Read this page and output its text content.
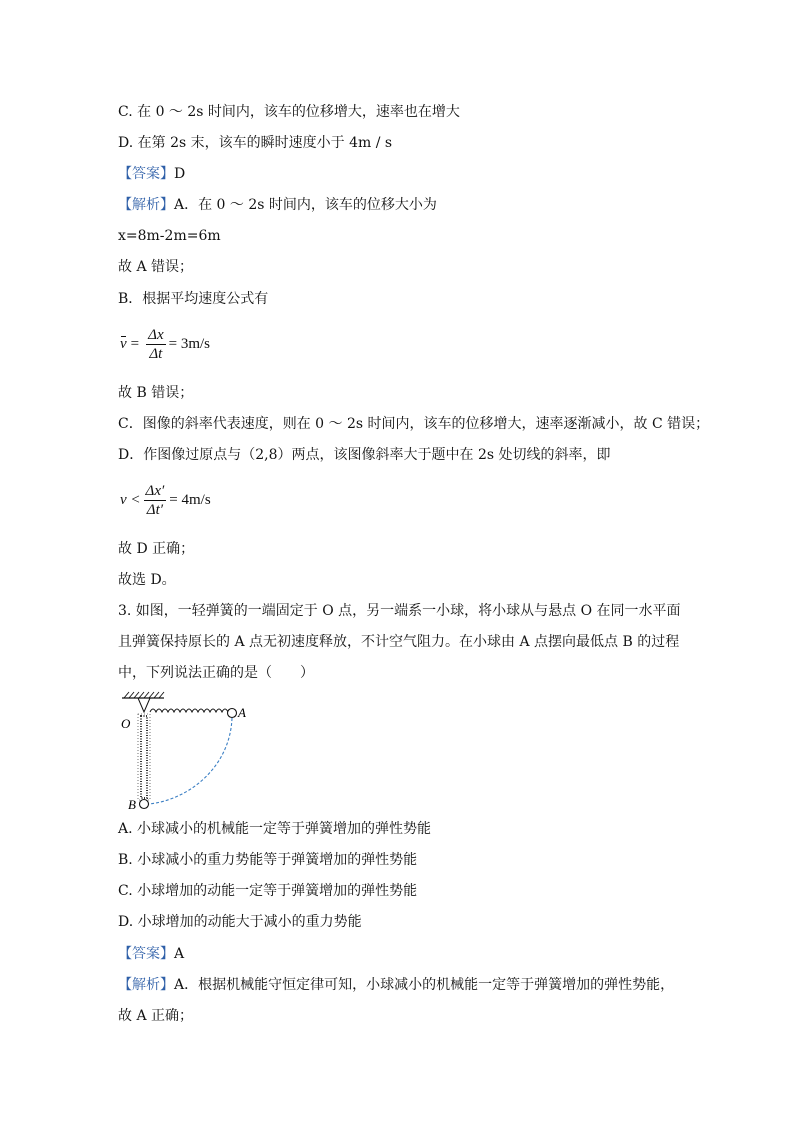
C. 在 0 ～ 2s 时间内，该车的位移增大，速率也在增大
D. 在第 2s 末，该车的瞬时速度小于 4m / s
【答案】D
【解析】A．在 0 ～ 2s 时间内，该车的位移大小为
x=8m-2m=6m
故 A 错误；
B．根据平均速度公式有
$v = \frac{\Delta x}{\Delta t} = 3m/s$
故 B 错误；
C．图像的斜率代表速度，则在 0 ～ 2s 时间内，该车的位移增大，速率逐渐减小，故 C 错误；
D．作图像过原点与（2,8）两点，该图像斜率大于题中在 2s 处切线的斜率，即
$v < \frac{\Delta x'}{\Delta t'} = 4m/s$
故 D 正确；
故选 D。
3. 如图，一轻弹簧的一端固定于 O 点，另一端系一小球，将小球从与悬点 O 在同一水平面
且弹簧保持原长的 A 点无初速度释放，不计空气阻力。在小球由 A 点摆向最低点 B 的过程
中，下列说法正确的是（　　）
O
A
B
A. 小球减小的机械能一定等于弹簧增加的弹性势能
B. 小球减小的重力势能等于弹簧增加的弹性势能
C. 小球增加的动能一定等于弹簧增加的弹性势能
D. 小球增加的动能大于减小的重力势能
【答案】A
【解析】A．根据机械能守恒定律可知，小球减小的机械能一定等于弹簧增加的弹性势能，
故 A 正确；
